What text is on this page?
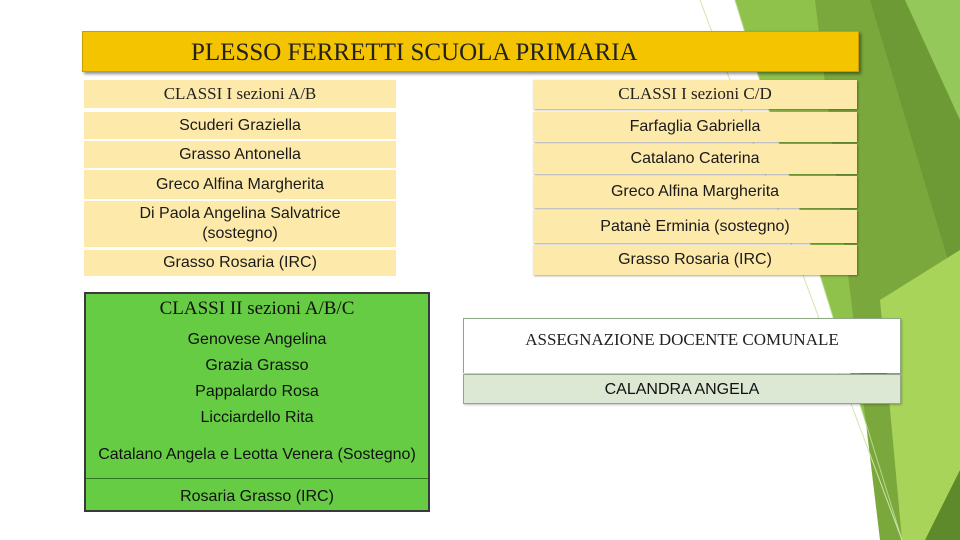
PLESSO FERRETTI SCUOLA PRIMARIA
CLASSI I sezioni A/B
Scuderi Graziella
Grasso Antonella
Greco Alfina Margherita
Di Paola Angelina Salvatrice (sostegno)
Grasso Rosaria (IRC)
CLASSI I sezioni C/D
Farfaglia Gabriella
Catalano Caterina
Greco Alfina Margherita
Patanè Erminia (sostegno)
Grasso Rosaria (IRC)
CLASSI II sezioni A/B/C
Genovese Angelina
Grazia Grasso
Pappalardo Rosa
Licciardello Rita
Catalano Angela e Leotta Venera (Sostegno)
Rosaria Grasso (IRC)
ASSEGNAZIONE DOCENTE COMUNALE
CALANDRA ANGELA
